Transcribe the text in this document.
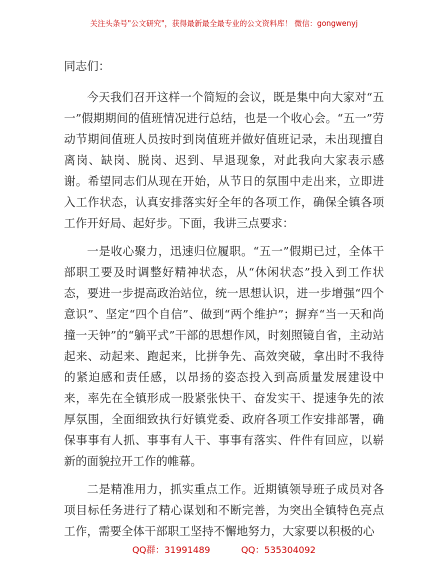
关注头条号"公文研究"，获得最新最全最专业的公文资料库！ 微信：gongwenyj

同志们：

今天我们召开这样一个简短的会议，既是集中向大家对“五一”假期期间的值班情况进行总结，也是一个收心会。“五一”劳动节期间值班人员按时到岗值班并做好值班记录，未出现擅自离岗、缺岗、脱岗、迟到、早退现象，对此我向大家表示感谢。希望同志们从现在开始，从节日的氛围中走出来，立即进入工作状态，认真安排落实好全年的各项工作，确保全镇各项工作开好局、起好步。下面，我讲三点要求：

一是收心聚力，迅速归位履职。“五一”假期已过，全体干部职工要及时调整好精神状态，从“休闲状态”投入到工作状态，要进一步提高政治站位，统一思想认识，进一步增强“四个意识”、坚定“四个自信”、做到“两个维护”；摒弃“当一天和尚撞一天钟”的“躺平式”干部的思想作风，时刻照镜自省，主动站起来、动起来、跑起来，比拼争先、高效突破，拿出时不我待的紧迫感和责任感，以昂扬的姿态投入到高质量发展建设中来，率先在全镇形成一股紧张快干、奋发实干、提速争先的浓厚氛围，全面细致执行好镇党委、政府各项工作安排部署，确保事事有人抓、事事有人干、事事有落实、件件有回应，以崭新的面貌拉开工作的帷幕。

二是精准用力，抓实重点工作。近期镇领导班子成员对各项目标任务进行了精心谋划和不断完善，为突出全镇特色亮点工作，需要全体干部职工坚持不懈地努力，大家要以积极的心

QQ群：31991489	QQ：535304092
